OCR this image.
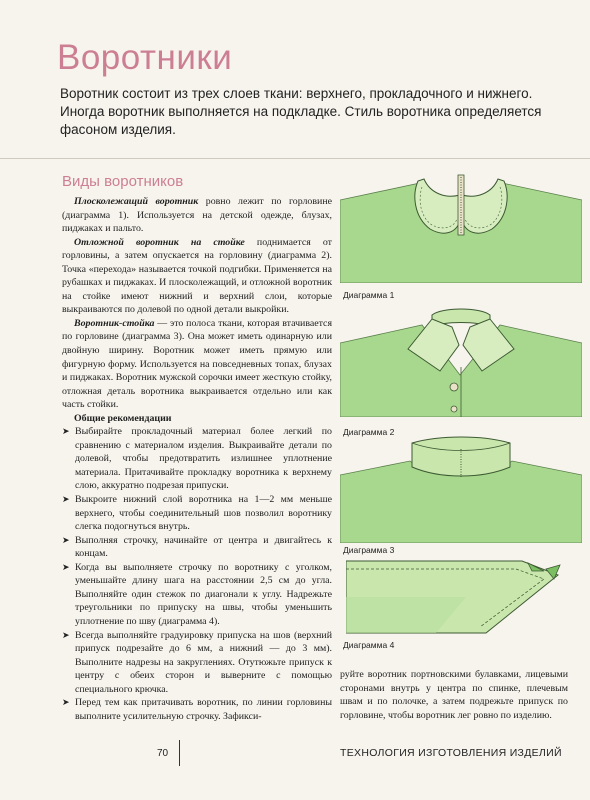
Воротники

Воротник состоит из трех слоев ткани: верхнего, прокладочного и нижнего. Иногда воротник выполняется на подкладке. Стиль воротника определяется фасоном изделия.

Виды воротников

Плосколежащий воротник ровно лежит по горловине (диаграмма 1). Используется на детской одежде, блузах, пиджаках и пальто.

Отложной воротник на стойке поднимается от горловины, а затем опускается на горловину (диаграмма 2). Точка «перехода» называется точкой подгибки. Применяется на рубашках и пиджаках. И плосколежащий, и отложной воротник на стойке имеют нижний и верхний слои, которые выкраиваются по долевой по одной детали выкройки.

Воротник-стойка — это полоса ткани, которая втачивается по горловине (диаграмма 3). Она может иметь одинарную или двойную ширину. Воротник может иметь прямую или фигурную форму. Используется на повседневных топах, блузах и пиджаках. Воротник мужской сорочки имеет жесткую стойку, отложная деталь воротника выкраивается отдельно или как часть стойки.

Общие рекомендации

➤ Выбирайте прокладочный материал более легкий по сравнению с материалом изделия. Выкраивайте детали по долевой, чтобы предотвратить излишнее уплотнение материала. Притачивайте прокладку воротника к верхнему слою, аккуратно подрезая припуски.
➤ Выкроите нижний слой воротника на 1—2 мм меньше верхнего, чтобы соединительный шов позволил воротнику слегка подогнуться внутрь.
➤ Выполняя строчку, начинайте от центра и двигайтесь к концам.
➤ Когда вы выполняете строчку по воротнику с уголком, уменьшайте длину шага на расстоянии 2,5 см до угла. Выполняйте один стежок по диагонали к углу. Надрежьте треугольники по припуску на швы, чтобы уменьшить уплотнение по шву (диаграмма 4).
➤ Всегда выполняйте градуировку припуска на шов (верхний припуск подрезайте до 6 мм, а нижний — до 3 мм). Выполните надрезы на закруглениях. Отутюжьте припуск к центру с обеих сторон и выверните с помощью специального крючка.
➤ Перед тем как притачивать воротник, по линии горловины выполните усилительную строчку. Зафикси-

руйте воротник портновскими булавками, лицевыми сторонами внутрь у центра по спинке, плечевым швам и по полочке, а затем подрежьте припуск по горловине, чтобы воротник лег ровно по изделию.

Диаграмма 1

Диаграмма 2

Диаграмма 3

Диаграмма 4

70	ТЕХНОЛОГИЯ ИЗГОТОВЛЕНИЯ ИЗДЕЛИЙ
